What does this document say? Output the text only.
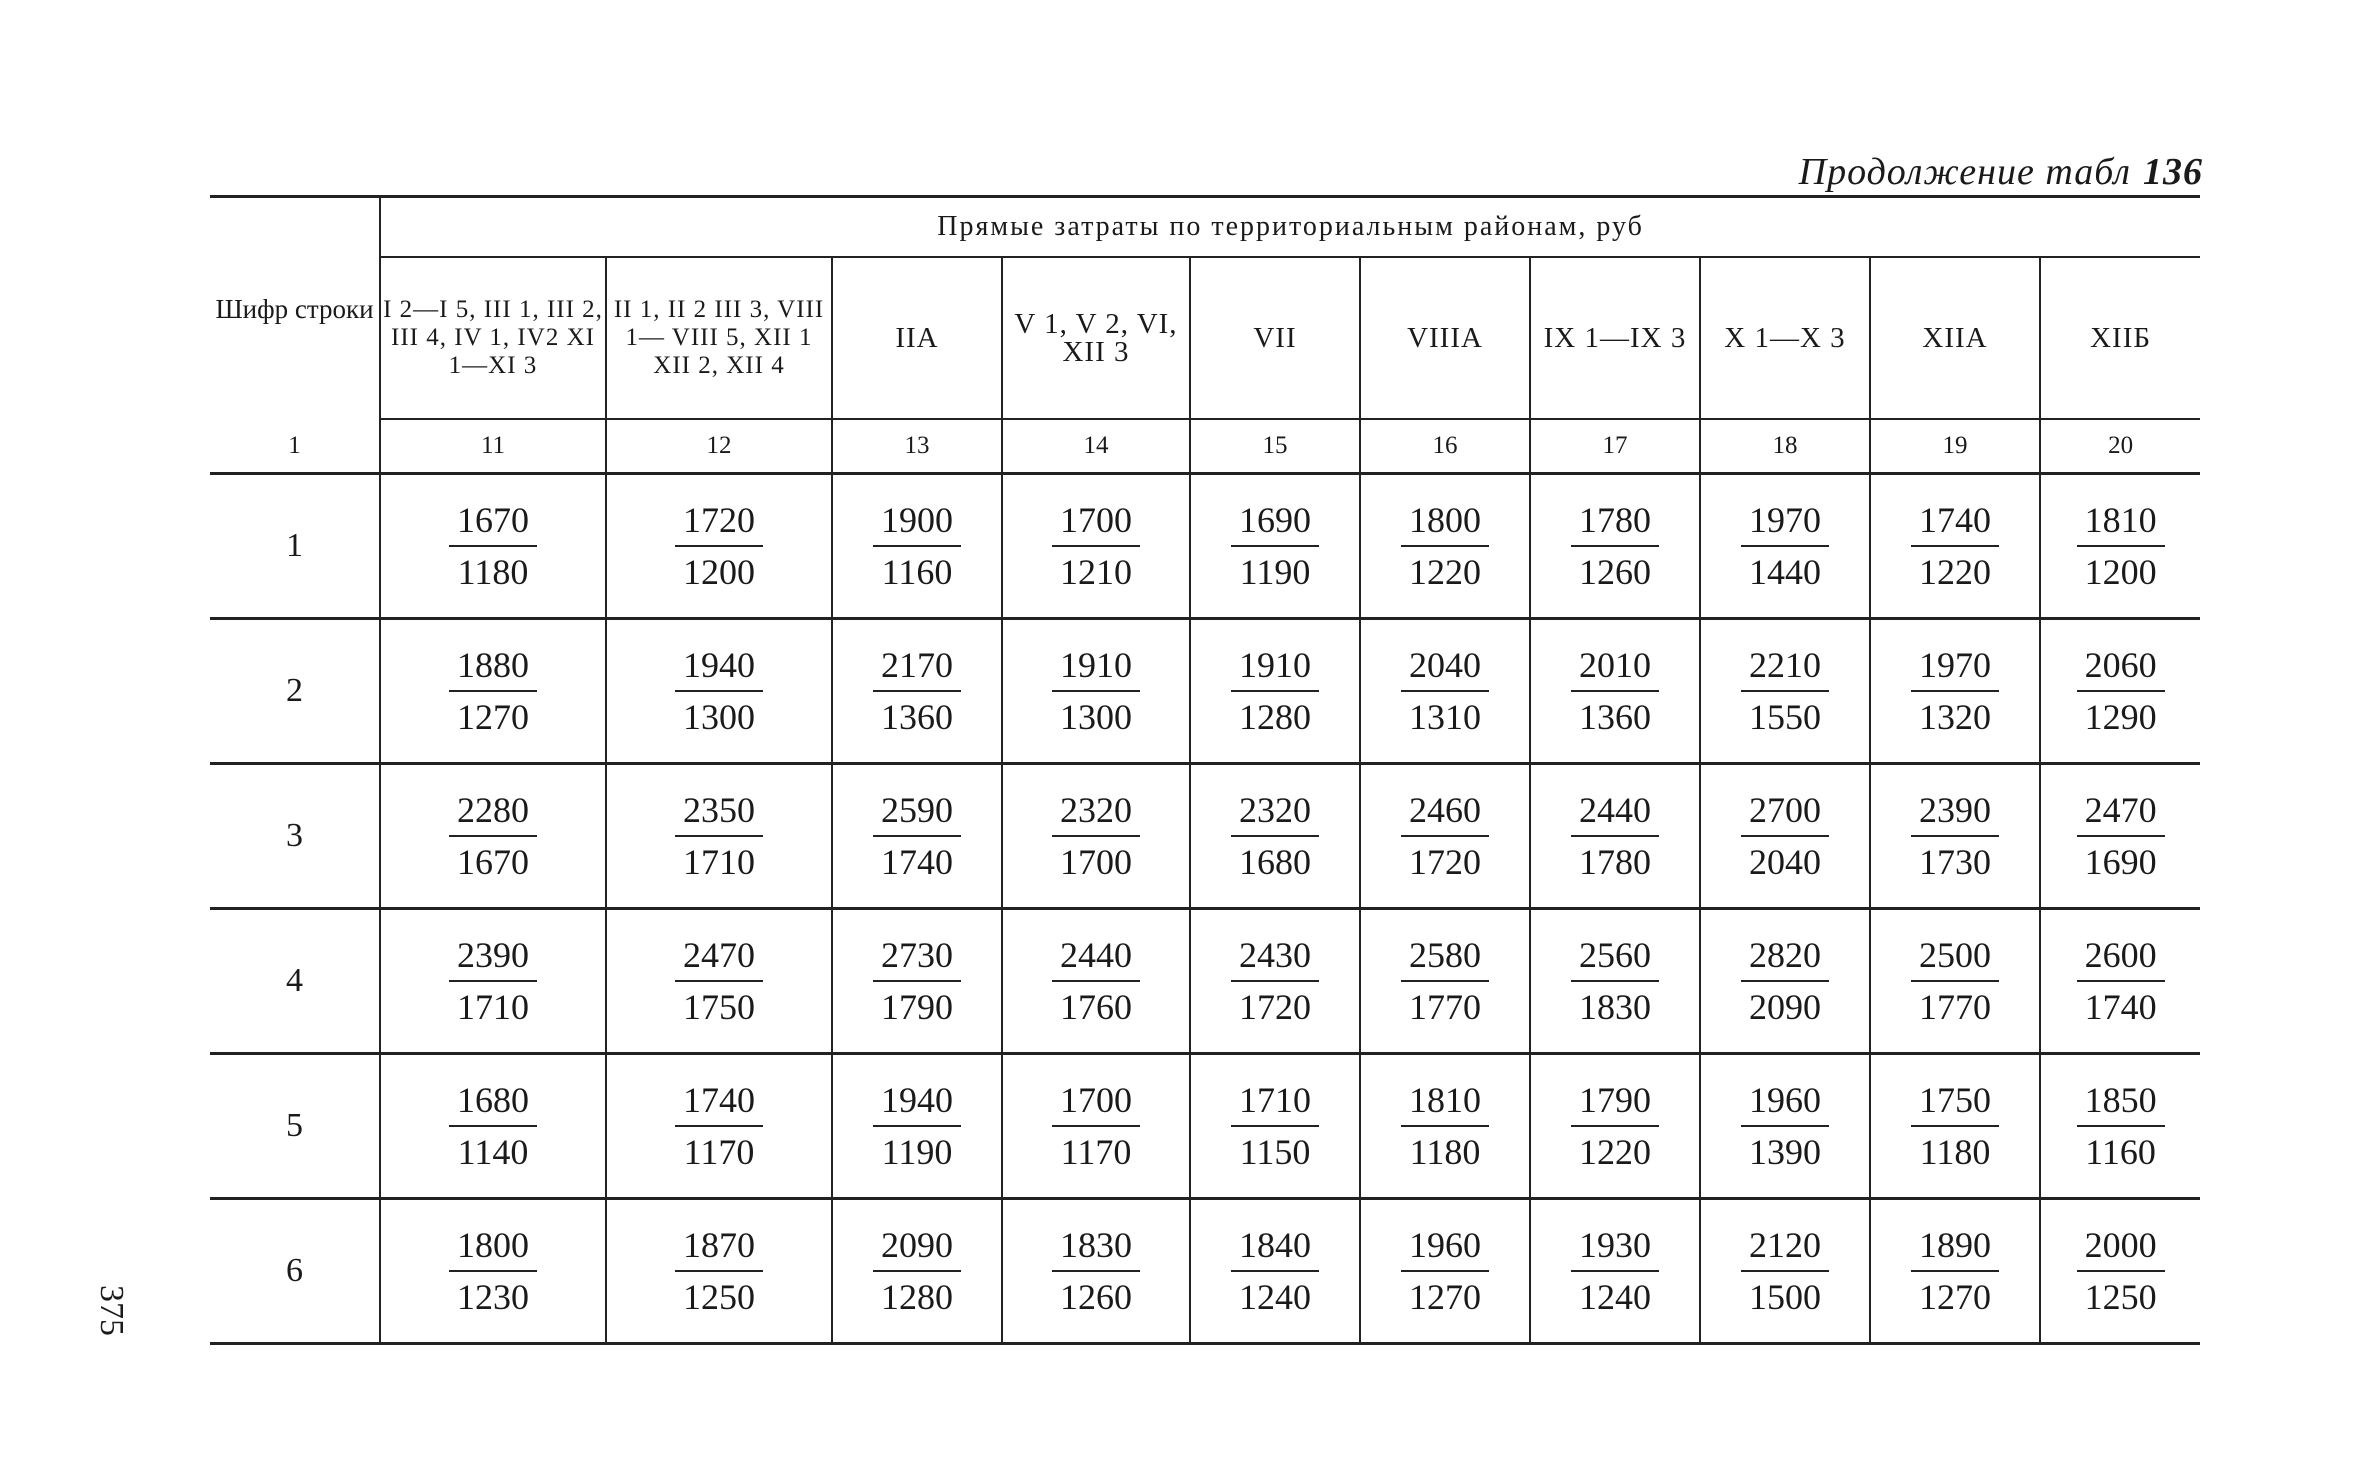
Продолжение табл 136
Шифр строки	Прямые затраты по территориальным районам, руб									
	I 2—I 5, III 1, III 2, III 4, IV 1, IV2 XI 1—XI 3	II 1, II 2 III 3, VIII 1— VIII 5, XII 1 XII 2, XII 4	IIA	V 1, V 2, VI, XII 3	VII	VIIIA	IX 1—IX 3	X 1—X 3	XIIA	XIIБ
1	11	12	13	14	15	16	17	18	19	20
1	$\frac{1670}{1180}$	$\frac{1720}{1200}$	$\frac{1900}{1160}$	$\frac{1700}{1210}$	$\frac{1690}{1190}$	$\frac{1800}{1220}$	$\frac{1780}{1260}$	$\frac{1970}{1440}$	$\frac{1740}{1220}$	$\frac{1810}{1200}$

2	$\frac{1880}{1270}$	$\frac{1940}{1300}$	$\frac{2170}{1360}$	$\frac{1910}{1300}$	$\frac{1910}{1280}$	$\frac{2040}{1310}$	$\frac{2010}{1360}$	$\frac{2210}{1550}$	$\frac{1970}{1320}$	$\frac{2060}{1290}$

3	$\frac{2280}{1670}$	$\frac{2350}{1710}$	$\frac{2590}{1740}$	$\frac{2320}{1700}$	$\frac{2320}{1680}$	$\frac{2460}{1720}$	$\frac{2440}{1780}$	$\frac{2700}{2040}$	$\frac{2390}{1730}$	$\frac{2470}{1690}$

4	$\frac{2390}{1710}$	$\frac{2470}{1750}$	$\frac{2730}{1790}$	$\frac{2440}{1760}$	$\frac{2430}{1720}$	$\frac{2580}{1770}$	$\frac{2560}{1830}$	$\frac{2820}{2090}$	$\frac{2500}{1770}$	$\frac{2600}{1740}$

5	$\frac{1680}{1140}$	$\frac{1740}{1170}$	$\frac{1940}{1190}$	$\frac{1700}{1170}$	$\frac{1710}{1150}$	$\frac{1810}{1180}$	$\frac{1790}{1220}$	$\frac{1960}{1390}$	$\frac{1750}{1180}$	$\frac{1850}{1160}$

6	$\frac{1800}{1230}$	$\frac{1870}{1250}$	$\frac{2090}{1280}$	$\frac{1830}{1260}$	$\frac{1840}{1240}$	$\frac{1960}{1270}$	$\frac{1930}{1240}$	$\frac{2120}{1500}$	$\frac{1890}{1270}$	$\frac{2000}{1250}$
375
